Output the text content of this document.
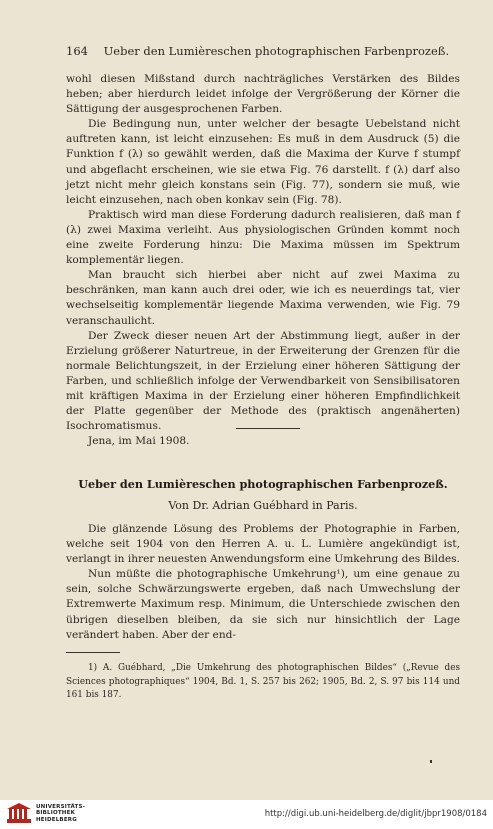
164 Ueber den Lumièreschen photographischen Farbenprozeß.

wohl diesen Mißstand durch nachträgliches Verstärken des Bildes heben; aber hierdurch leidet infolge der Vergrößerung der Körner die Sättigung der ausgesprochenen Farben.

Die Bedingung nun, unter welcher der besagte Uebelstand nicht auftreten kann, ist leicht einzusehen: Es muß in dem Ausdruck (5) die Funktion f (λ) so gewählt werden, daß die Maxima der Kurve f stumpf und abgeflacht erscheinen, wie sie etwa Fig. 76 darstellt. f (λ) darf also jetzt nicht mehr gleich konstans sein (Fig. 77), sondern sie muß, wie leicht einzusehen, nach oben konkav sein (Fig. 78).

Praktisch wird man diese Forderung dadurch realisieren, daß man f (λ) zwei Maxima verleiht. Aus physiologischen Gründen kommt noch eine zweite Forderung hinzu: Die Maxima müssen im Spektrum komplementär liegen.

Man braucht sich hierbei aber nicht auf zwei Maxima zu beschränken, man kann auch drei oder, wie ich es neuerdings tat, vier wechselseitig komplementär liegende Maxima verwenden, wie Fig. 79 veranschaulicht.

Der Zweck dieser neuen Art der Abstimmung liegt, außer in der Erzielung größerer Naturtreue, in der Erweiterung der Grenzen für die normale Belichtungszeit, in der Erzielung einer höheren Sättigung der Farben, und schließlich infolge der Verwendbarkeit von Sensibilisatoren mit kräftigen Maxima in der Erzielung einer höheren Empfindlichkeit der Platte gegenüber der Methode des (praktisch angenäherten) Isochromatismus.

Jena, im Mai 1908.

Ueber den Lumièreschen photographischen Farbenprozeß.
Von Dr. Adrian Guébhard in Paris.

Die glänzende Lösung des Problems der Photographie in Farben, welche seit 1904 von den Herren A. u. L. Lumière angekündigt ist, verlangt in ihrer neuesten Anwendungsform eine Umkehrung des Bildes.

Nun müßte die photographische Umkehrung¹), um eine genaue zu sein, solche Schwärzungswerte ergeben, daß nach Umwechslung der Extremwerte Maximum resp. Minimum, die Unterschiede zwischen den übrigen dieselben bleiben, da sie sich nur hinsichtlich der Lage verändert haben. Aber der end-

1) A. Guébhard, „Die Umkehrung des photographischen Bildes“ („Revue des Sciences photographiques“ 1904, Bd. 1, S. 257 bis 262; 1905, Bd. 2, S. 97 bis 114 und 161 bis 187.

UNIVERSITÄTS-
BIBLIOTHEK
HEIDELBERG
http://digi.ub.uni-heidelberg.de/diglit/jbpr1908/0184
